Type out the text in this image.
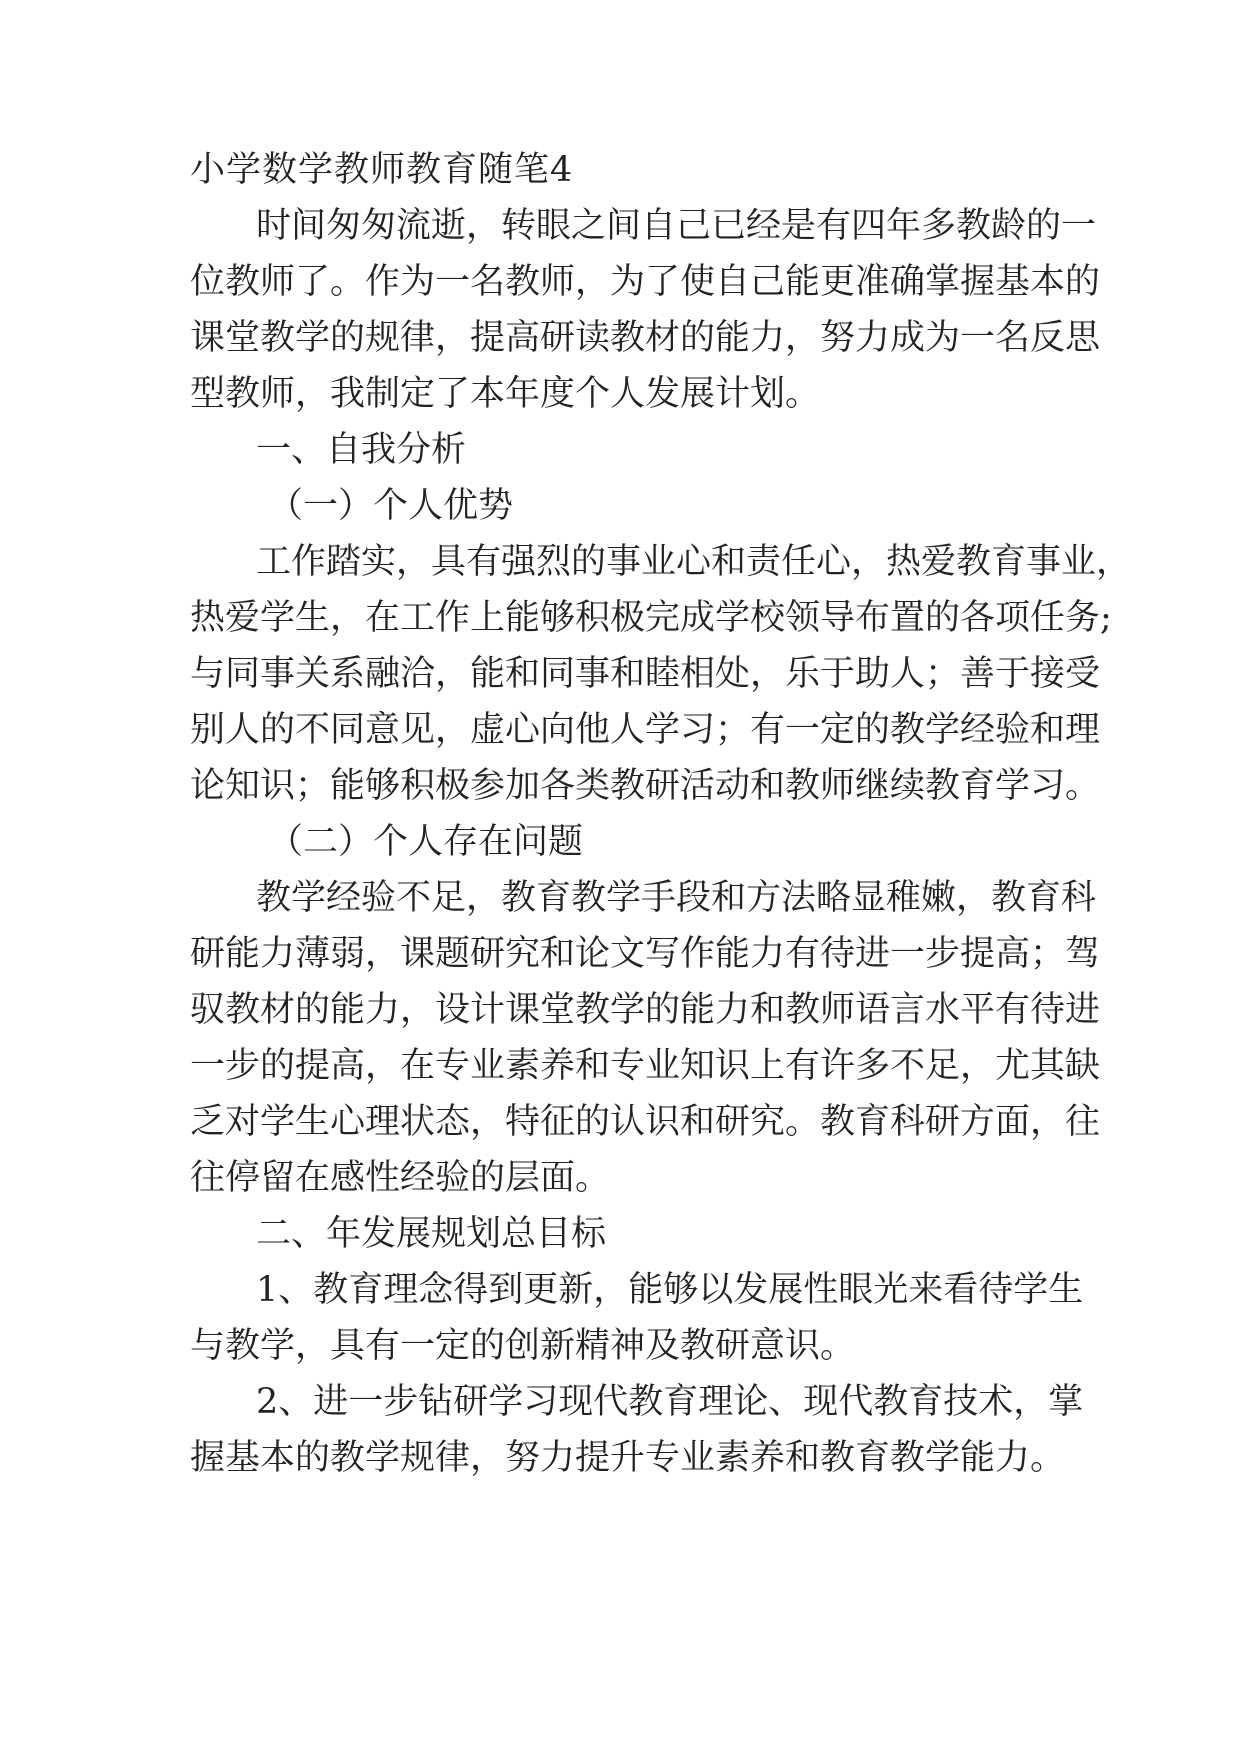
小学数学教师教育随笔4

时间匆匆流逝，转眼之间自己已经是有四年多教龄的一

位教师了。作为一名教师，为了使自己能更准确掌握基本的

课堂教学的规律，提高研读教材的能力，努力成为一名反思

型教师，我制定了本年度个人发展计划。

一、自我分析

（一）个人优势

工作踏实，具有强烈的事业心和责任心，热爱教育事业，

热爱学生，在工作上能够积极完成学校领导布置的各项任务;

与同事关系融洽，能和同事和睦相处，乐于助人；善于接受

别人的不同意见，虚心向他人学习；有一定的教学经验和理

论知识；能够积极参加各类教研活动和教师继续教育学习。

（二）个人存在问题

教学经验不足，教育教学手段和方法略显稚嫩，教育科

研能力薄弱，课题研究和论文写作能力有待进一步提高；驾

驭教材的能力，设计课堂教学的能力和教师语言水平有待进

一步的提高，在专业素养和专业知识上有许多不足，尤其缺

乏对学生心理状态，特征的认识和研究。教育科研方面，往

往停留在感性经验的层面。

二、年发展规划总目标

1、教育理念得到更新，能够以发展性眼光来看待学生

与教学，具有一定的创新精神及教研意识。

2、进一步钻研学习现代教育理论、现代教育技术，掌

握基本的教学规律，努力提升专业素养和教育教学能力。
